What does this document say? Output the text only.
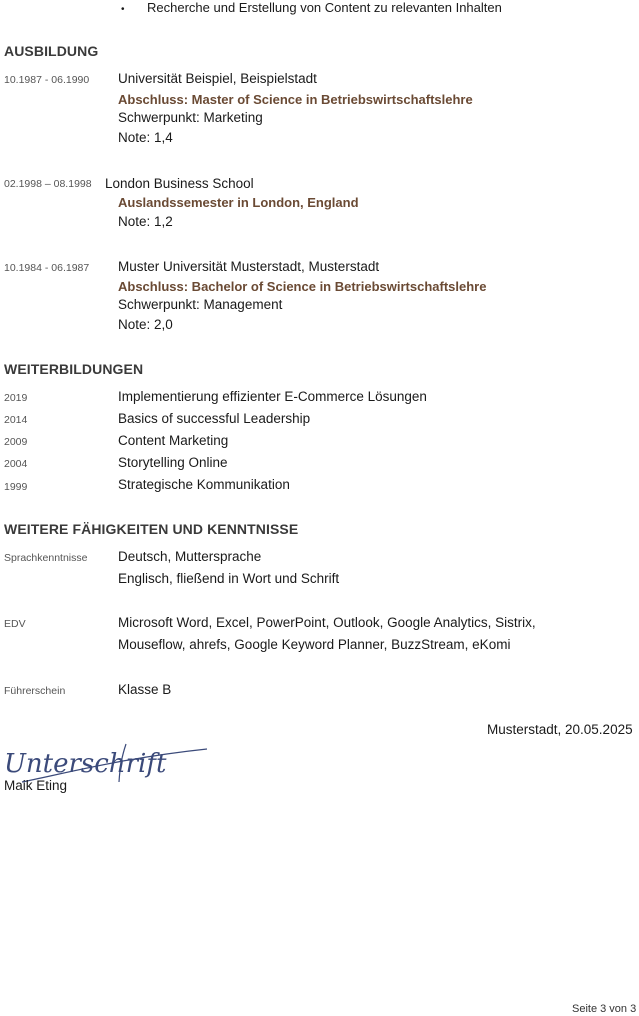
• Recherche und Erstellung von Content zu relevanten Inhalten
AUSBILDUNG
10.1987 - 06.1990 Universität Beispiel, Beispielstadt
Abschluss: Master of Science in Betriebswirtschaftslehre
Schwerpunkt: Marketing
Note: 1,4
02.1998 – 08.1998 London Business School
Auslandssemester in London, England
Note: 1,2
10.1984 - 06.1987 Muster Universität Musterstadt, Musterstadt
Abschluss: Bachelor of Science in Betriebswirtschaftslehre
Schwerpunkt: Management
Note: 2,0
WEITERBILDUNGEN
2019	Implementierung effizienter E-Commerce Lösungen
2014	Basics of successful Leadership
2009	Content Marketing
2004	Storytelling Online
1999	Strategische Kommunikation
WEITERE FÄHIGKEITEN UND KENNTNISSE
Sprachkenntnisse Deutsch, Muttersprache
Englisch, fließend in Wort und Schrift
EDV	Microsoft Word, Excel, PowerPoint, Outlook, Google Analytics, Sistrix,
Mouseflow, ahrefs, Google Keyword Planner, BuzzStream, eKomi
Führerschein	Klasse B
Musterstadt, 20.05.2025
Unterschrift
Maik Eting
Seite 3 von 3
